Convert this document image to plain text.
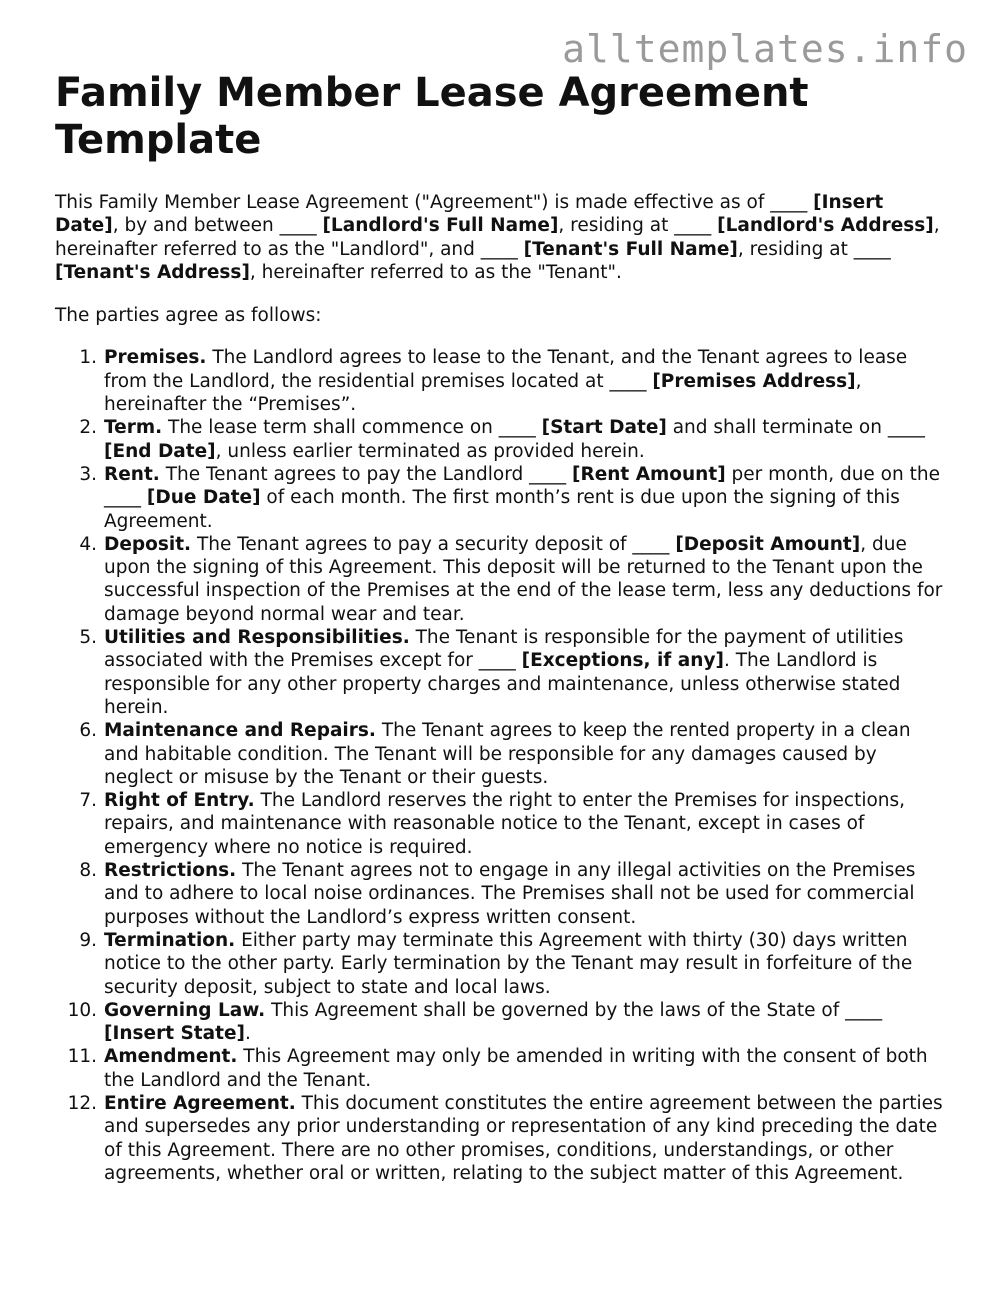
alltemplates.info
Family Member Lease Agreement Template

This Family Member Lease Agreement ("Agreement") is made effective as of ____ [Insert Date], by and between ____ [Landlord's Full Name], residing at ____ [Landlord's Address], hereinafter referred to as the "Landlord", and ____ [Tenant's Full Name], residing at ____ [Tenant's Address], hereinafter referred to as the "Tenant".

The parties agree as follows:

1. Premises. The Landlord agrees to lease to the Tenant, and the Tenant agrees to lease from the Landlord, the residential premises located at ____ [Premises Address], hereinafter the “Premises”.
2. Term. The lease term shall commence on ____ [Start Date] and shall terminate on ____ [End Date], unless earlier terminated as provided herein.
3. Rent. The Tenant agrees to pay the Landlord ____ [Rent Amount] per month, due on the ____ [Due Date] of each month. The first month’s rent is due upon the signing of this Agreement.
4. Deposit. The Tenant agrees to pay a security deposit of ____ [Deposit Amount], due upon the signing of this Agreement. This deposit will be returned to the Tenant upon the successful inspection of the Premises at the end of the lease term, less any deductions for damage beyond normal wear and tear.
5. Utilities and Responsibilities. The Tenant is responsible for the payment of utilities associated with the Premises except for ____ [Exceptions, if any]. The Landlord is responsible for any other property charges and maintenance, unless otherwise stated herein.
6. Maintenance and Repairs. The Tenant agrees to keep the rented property in a clean and habitable condition. The Tenant will be responsible for any damages caused by neglect or misuse by the Tenant or their guests.
7. Right of Entry. The Landlord reserves the right to enter the Premises for inspections, repairs, and maintenance with reasonable notice to the Tenant, except in cases of emergency where no notice is required.
8. Restrictions. The Tenant agrees not to engage in any illegal activities on the Premises and to adhere to local noise ordinances. The Premises shall not be used for commercial purposes without the Landlord’s express written consent.
9. Termination. Either party may terminate this Agreement with thirty (30) days written notice to the other party. Early termination by the Tenant may result in forfeiture of the security deposit, subject to state and local laws.
10. Governing Law. This Agreement shall be governed by the laws of the State of ____ [Insert State].
11. Amendment. This Agreement may only be amended in writing with the consent of both the Landlord and the Tenant.
12. Entire Agreement. This document constitutes the entire agreement between the parties and supersedes any prior understanding or representation of any kind preceding the date of this Agreement. There are no other promises, conditions, understandings, or other agreements, whether oral or written, relating to the subject matter of this Agreement.
